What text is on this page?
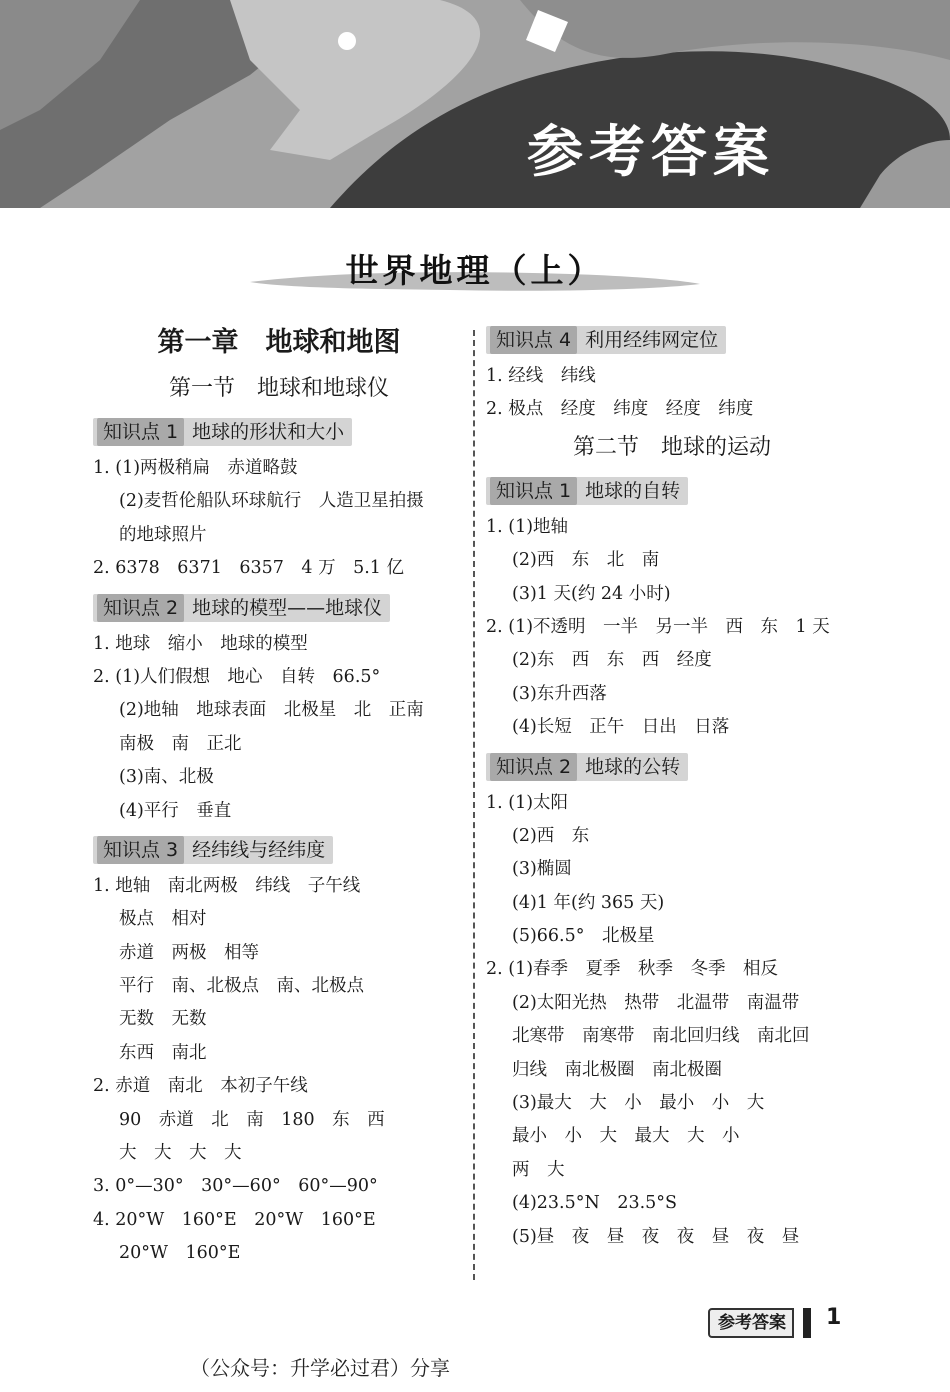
参考答案
世界地理（上）
第一章　地球和地图
第一节　地球和地球仪
知识点 1 地球的形状和大小
1. (1)两极稍扁　赤道略鼓
(2)麦哲伦船队环球航行　人造卫星拍摄
的地球照片
2. 6378　6371　6357　4 万　5.1 亿
知识点 2 地球的模型——地球仪
1. 地球　缩小　地球的模型
2. (1)人们假想　地心　自转　66.5°
(2)地轴　地球表面　北极星　北　正南
南极　南　正北
(3)南、北极
(4)平行　垂直
知识点 3 经纬线与经纬度
1. 地轴　南北两极　纬线　子午线
极点　相对
赤道　两极　相等
平行　南、北极点　南、北极点
无数　无数
东西　南北
2. 赤道　南北　本初子午线
90　赤道　北　南　180　东　西
大　大　大　大
3. 0°—30°　30°—60°　60°—90°
4. 20°W　160°E　20°W　160°E
20°W　160°E
知识点 4 利用经纬网定位
1. 经线　纬线
2. 极点　经度　纬度　经度　纬度
第二节　地球的运动
知识点 1 地球的自转
1. (1)地轴
(2)西　东　北　南
(3)1 天(约 24 小时)
2. (1)不透明　一半　另一半　西　东　1 天
(2)东　西　东　西　经度
(3)东升西落
(4)长短　正午　日出　日落
知识点 2 地球的公转
1. (1)太阳
(2)西　东
(3)椭圆
(4)1 年(约 365 天)
(5)66.5°　北极星
2. (1)春季　夏季　秋季　冬季　相反
(2)太阳光热　热带　北温带　南温带
北寒带　南寒带　南北回归线　南北回
归线　南北极圈　南北极圈
(3)最大　大　小　最小　小　大
最小　小　大　最大　大　小
两　大
(4)23.5°N　23.5°S
(5)昼　夜　昼　夜　夜　昼　夜　昼
参考答案	1
（公众号：升学必过君）分享
